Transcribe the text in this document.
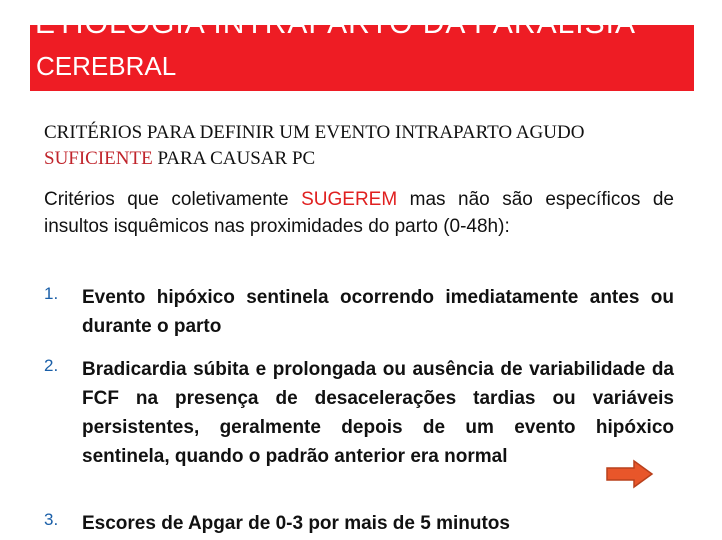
ETIOLOGIA INTRAPARTO DA PARALISIA
CEREBRAL
CRITÉRIOS PARA DEFINIR UM EVENTO INTRAPARTO AGUDO SUFICIENTE PARA CAUSAR PC
Critérios que coletivamente SUGEREM mas não são específicos de insultos isquêmicos nas proximidades do parto (0-48h):
1. Evento hipóxico sentinela ocorrendo imediatamente antes ou durante o parto
2. Bradicardia súbita e prolongada ou ausência de variabilidade da FCF na presença de desacelerações tardias ou variáveis persistentes, geralmente depois de um evento hipóxico sentinela, quando o padrão anterior era normal
3. Escores de Apgar de 0-3 por mais de 5 minutos
